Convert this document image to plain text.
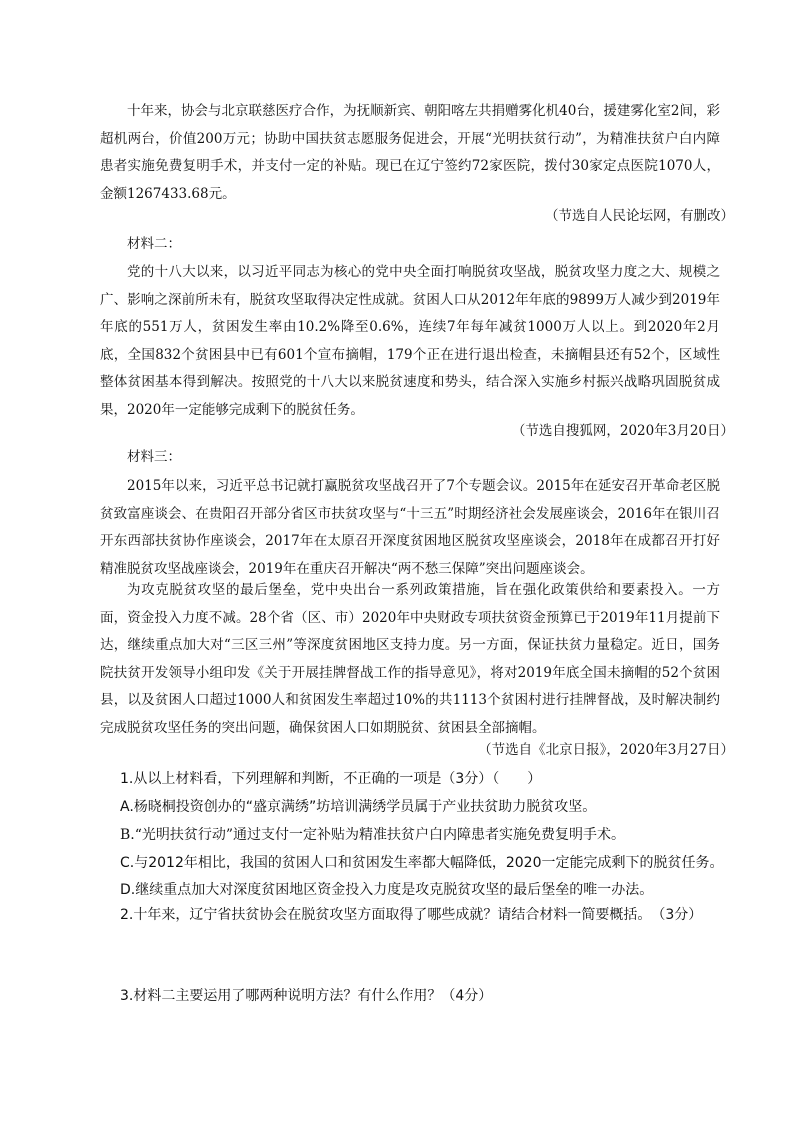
十年来，协会与北京联慈医疗合作，为抚顺新宾、朝阳喀左共捐赠雾化机40台，援建雾化室2间，彩超机两台，价值200万元；协助中国扶贫志愿服务促进会，开展“光明扶贫行动”，为精准扶贫户白内障患者实施免费复明手术，并支付一定的补贴。现已在辽宁签约72家医院，拨付30家定点医院1070人，金额1267433.68元。

（节选自人民论坛网，有删改）

材料二：

党的十八大以来，以习近平同志为核心的党中央全面打响脱贫攻坚战，脱贫攻坚力度之大、规模之广、影响之深前所未有，脱贫攻坚取得决定性成就。贫困人口从2012年年底的9899万人减少到2019年年底的551万人，贫困发生率由10.2%降至0.6%，连续7年每年减贫1000万人以上。到2020年2月底，全国832个贫困县中已有601个宣布摘帽，179个正在进行退出检查，未摘帽县还有52个，区域性整体贫困基本得到解决。按照党的十八大以来脱贫速度和势头，结合深入实施乡村振兴战略巩固脱贫成果，2020年一定能够完成剩下的脱贫任务。

（节选自搜狐网，2020年3月20日）

材料三：

2015年以来，习近平总书记就打赢脱贫攻坚战召开了7个专题会议。2015年在延安召开革命老区脱贫致富座谈会、在贵阳召开部分省区市扶贫攻坚与“十三五”时期经济社会发展座谈会，2016年在银川召开东西部扶贫协作座谈会，2017年在太原召开深度贫困地区脱贫攻坚座谈会，2018年在成都召开打好精准脱贫攻坚战座谈会，2019年在重庆召开解决“两不愁三保障”突出问题座谈会。

为攻克脱贫攻坚的最后堡垒，党中央出台一系列政策措施，旨在强化政策供给和要素投入。一方面，资金投入力度不减。28个省（区、市）2020年中央财政专项扶贫资金预算已于2019年11月提前下达，继续重点加大对“三区三州”等深度贫困地区支持力度。另一方面，保证扶贫力量稳定。近日，国务院扶贫开发领导小组印发《关于开展挂牌督战工作的指导意见》，将对2019年底全国未摘帽的52个贫困县，以及贫困人口超过1000人和贫困发生率超过10%的共1113个贫困村进行挂牌督战，及时解决制约完成脱贫攻坚任务的突出问题，确保贫困人口如期脱贫、贫困县全部摘帽。

（节选自《北京日报》，2020年3月27日）

1.从以上材料看，下列理解和判断，不正确的一项是（3分）（　　）

A.杨晓桐投资创办的“盛京满绣”坊培训满绣学员属于产业扶贫助力脱贫攻坚。

B.“光明扶贫行动”通过支付一定补贴为精准扶贫户白内障患者实施免费复明手术。

C.与2012年相比，我国的贫困人口和贫困发生率都大幅降低，2020一定能完成剩下的脱贫任务。

D.继续重点加大对深度贫困地区资金投入力度是攻克脱贫攻坚的最后堡垒的唯一办法。

2.十年来，辽宁省扶贫协会在脱贫攻坚方面取得了哪些成就？请结合材料一简要概括。　（3分）

3.材料二主要运用了哪两种说明方法？有什么作用？（4分）
